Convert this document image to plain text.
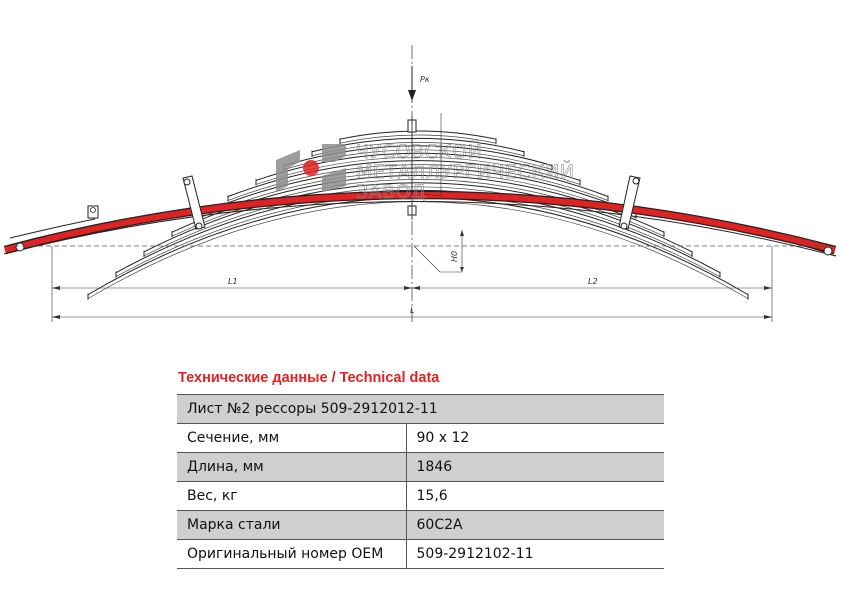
Pк
H0
L1	L2
L
ЧУСОВСКОЙ
МЕТАЛЛУРГИЧЕСКИЙ
ЗАВОД
Технические данные / Technical data
Лист №2 рессоры 509-2912012-11	
Сечение, мм	90 x 12
Длина, мм	1846
Вес, кг	15,6
Марка стали	60С2А
Оригинальный номер OEM	509-2912102-11
